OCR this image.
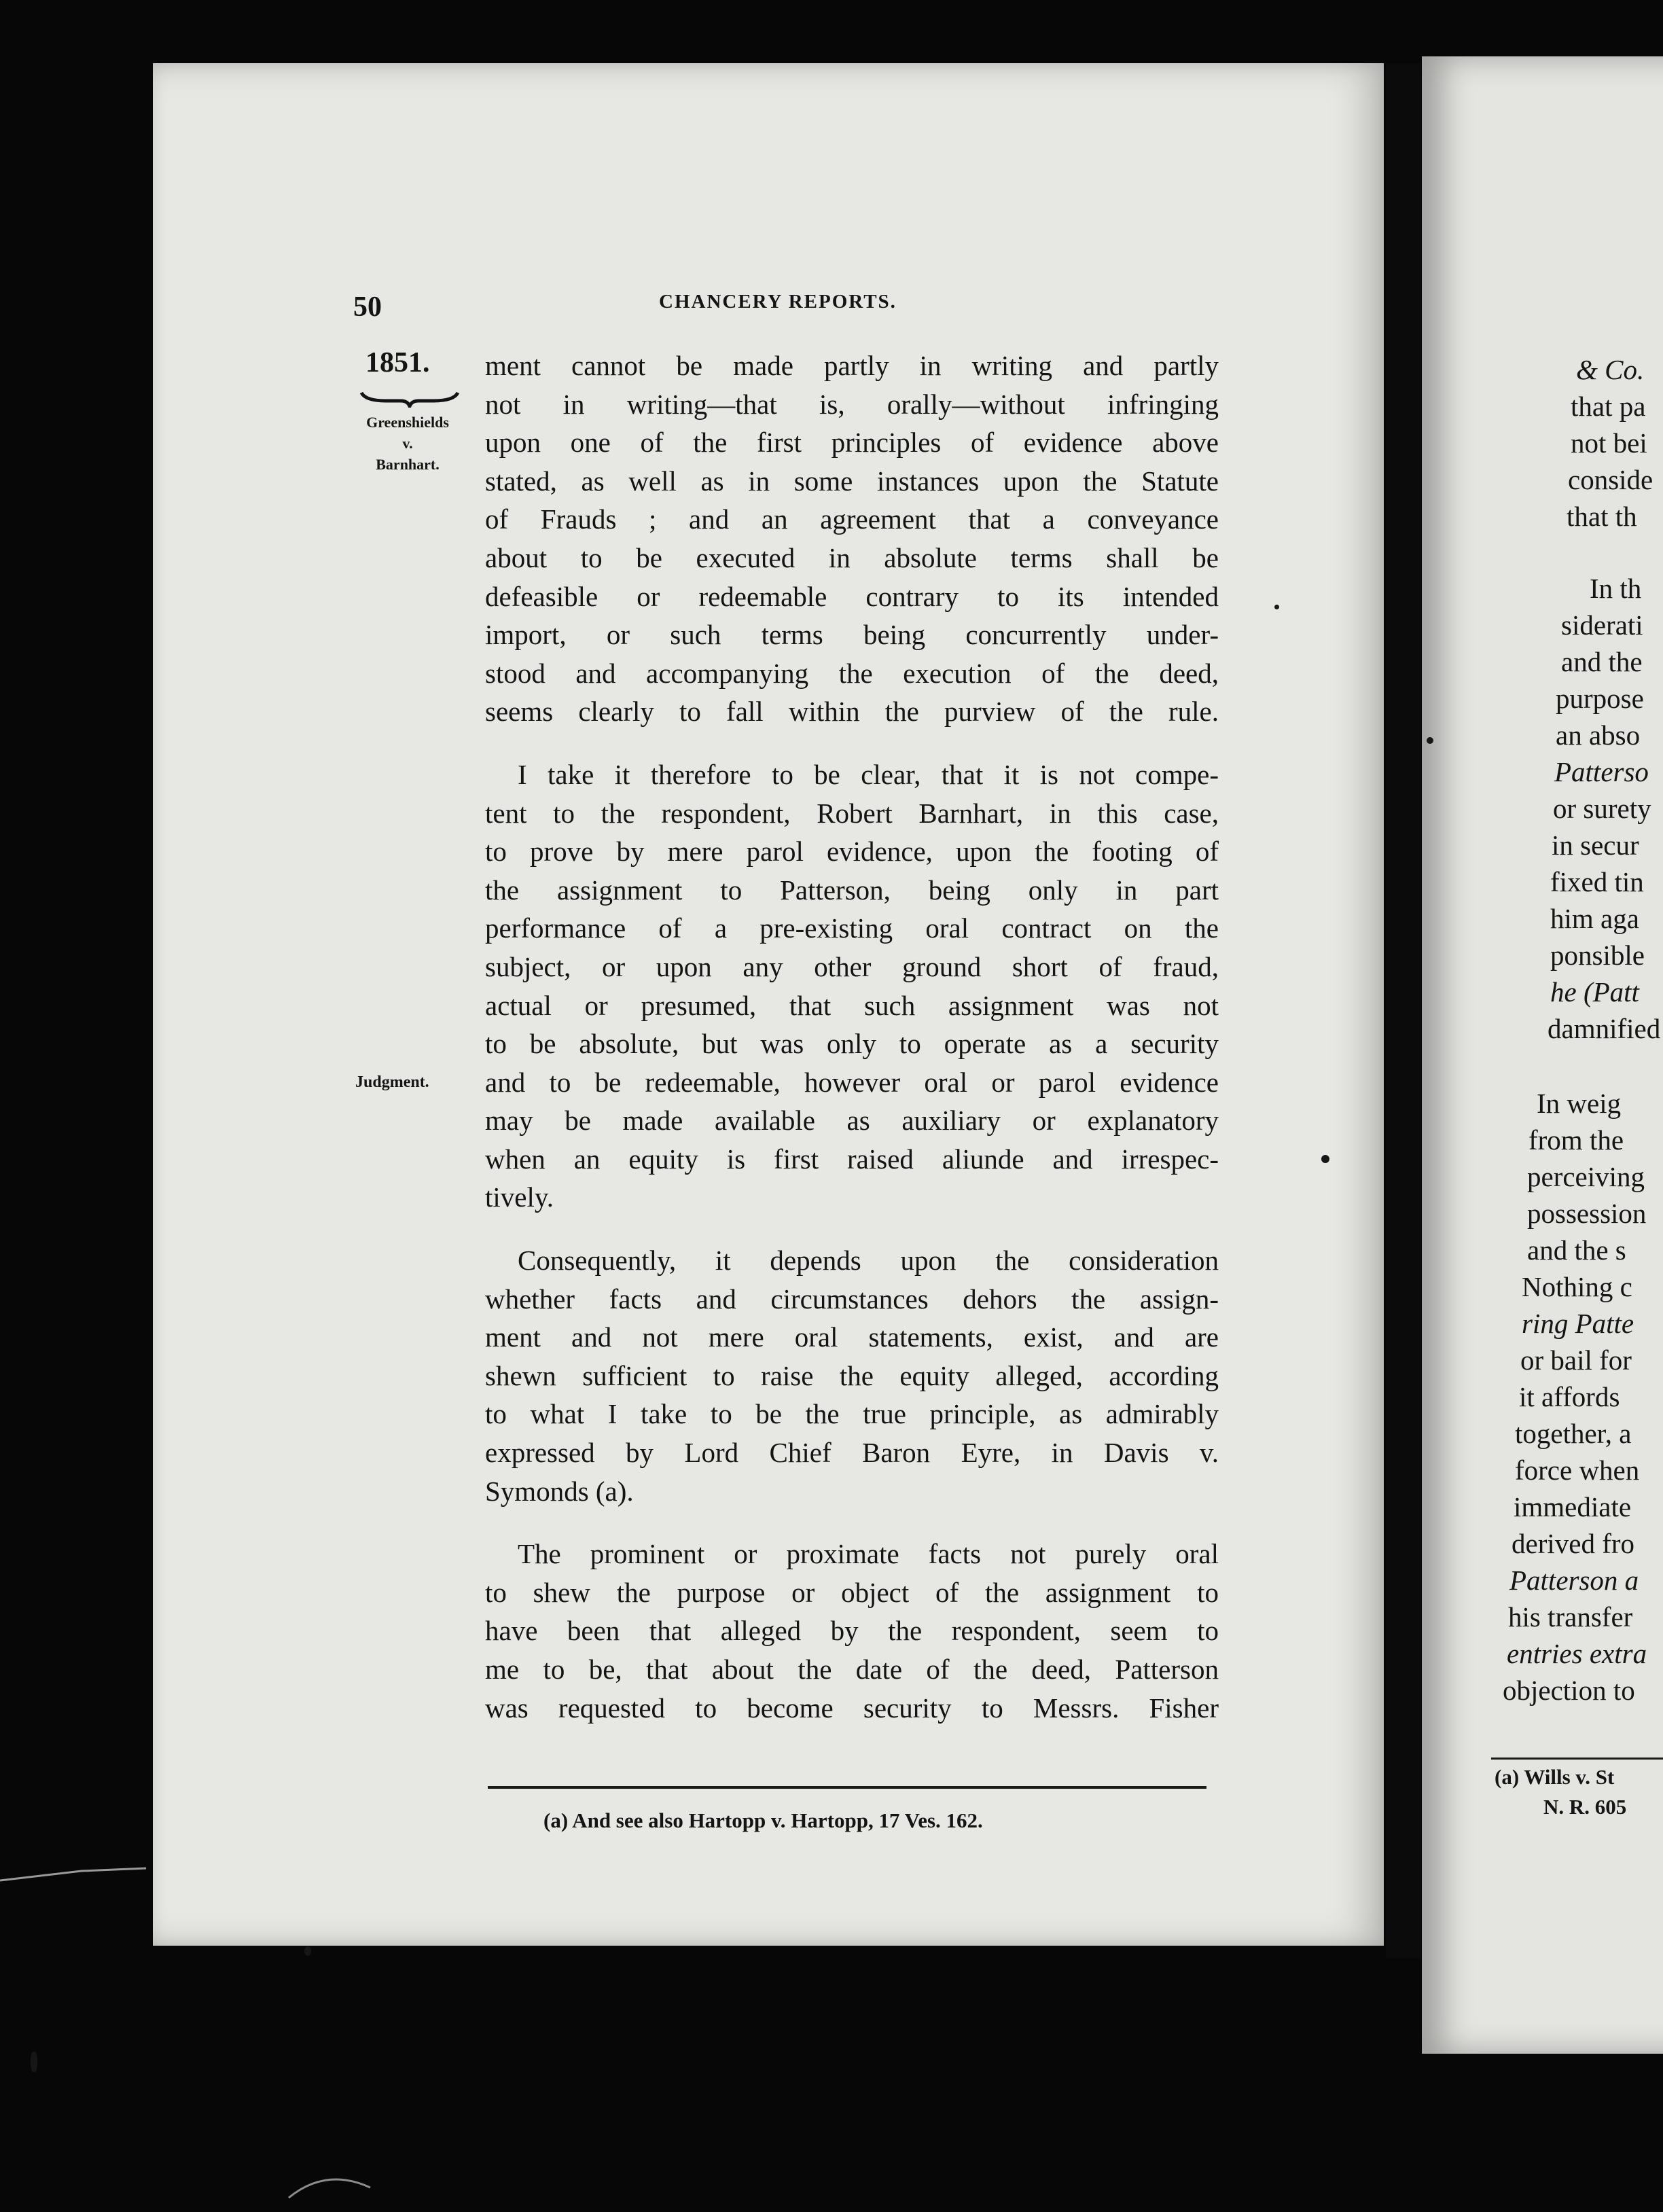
50	CHANCERY REPORTS.
1851.
Greenshields
v.
Barnhart.
Judgment.
ment cannot be made partly in writing and partly
not in writing—that is, orally—without infringing
upon one of the first principles of evidence above
stated, as well as in some instances upon the Statute
of Frauds ; and an agreement that a conveyance
about to be executed in absolute terms shall be
defeasible or redeemable contrary to its intended
import, or such terms being concurrently under-
stood and accompanying the execution of the deed,
seems clearly to fall within the purview of the rule.
I take it therefore to be clear, that it is not compe-
tent to the respondent, Robert Barnhart, in this case,
to prove by mere parol evidence, upon the footing of
the assignment to Patterson, being only in part
performance of a pre-existing oral contract on the
subject, or upon any other ground short of fraud,
actual or presumed, that such assignment was not
to be absolute, but was only to operate as a security
and to be redeemable, however oral or parol evidence
may be made available as auxiliary or explanatory
when an equity is first raised aliunde and irrespec-
tively.
Consequently, it depends upon the consideration
whether facts and circumstances dehors the assign-
ment and not mere oral statements, exist, and are
shewn sufficient to raise the equity alleged, according
to what I take to be the true principle, as admirably
expressed by Lord Chief Baron Eyre, in Davis v.
Symonds (a).
The prominent or proximate facts not purely oral
to shew the purpose or object of the assignment to
have been that alleged by the respondent, seem to
me to be, that about the date of the deed, Patterson
was requested to become security to Messrs. Fisher
(a) And see also Hartopp v. Hartopp, 17 Ves. 162.
& Co.
that pa
not bei
conside
that th
In th
siderati
and the
purpose
an abso
Patterso
or surety
in secur
fixed tin
him aga
ponsible
he (Patt
damnified
In weig
from the
perceiving
possession
and the s
Nothing c
ring Patte
or bail for
it affords
together, a
force when
immediate
derived fro
Patterson a
his transfer
entries extra
objection to
(a) Wills v. St
N. R. 605
